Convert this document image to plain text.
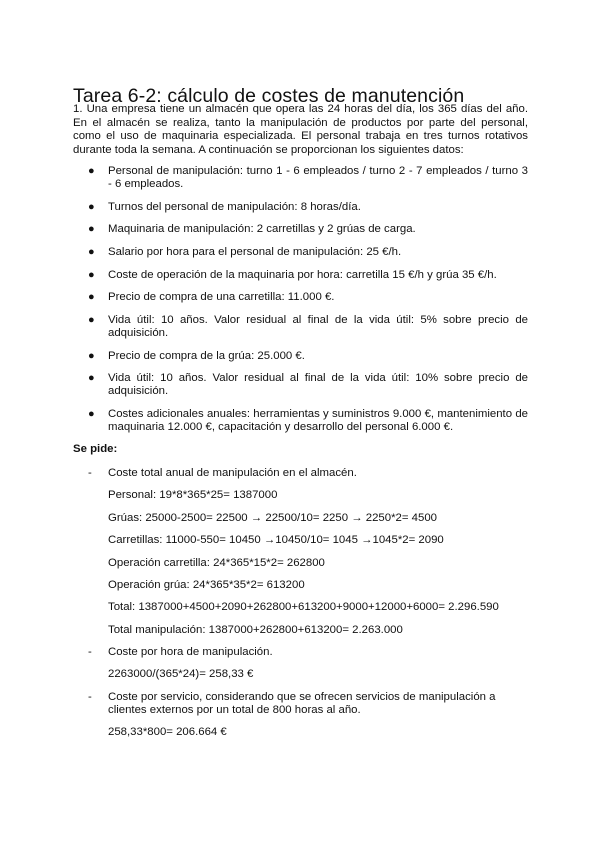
Tarea 6-2: cálculo de costes de manutención

1. Una empresa tiene un almacén que opera las 24 horas del día, los 365 días del año. En el almacén se realiza, tanto la manipulación de productos por parte del personal, como el uso de maquinaria especializada. El personal trabaja en tres turnos rotativos durante toda la semana. A continuación se proporcionan los siguientes datos:

● Personal de manipulación: turno 1 - 6 empleados / turno 2 - 7 empleados / turno 3 - 6 empleados.
● Turnos del personal de manipulación: 8 horas/día.
● Maquinaria de manipulación: 2 carretillas y 2 grúas de carga.
● Salario por hora para el personal de manipulación: 25 €/h.
● Coste de operación de la maquinaria por hora: carretilla 15 €/h y grúa 35 €/h.
● Precio de compra de una carretilla: 11.000 €.
● Vida útil: 10 años. Valor residual al final de la vida útil: 5% sobre precio de adquisición.
● Precio de compra de la grúa: 25.000 €.
● Vida útil: 10 años. Valor residual al final de la vida útil: 10% sobre precio de adquisición.
● Costes adicionales anuales: herramientas y suministros 9.000 €, mantenimiento de maquinaria 12.000 €, capacitación y desarrollo del personal 6.000 €.
Se pide:
- Coste total anual de manipulación en el almacén.
Personal: 19*8*365*25= 1387000
Grúas: 25000-2500= 22500 → 22500/10= 2250 → 2250*2= 4500
Carretillas: 11000-550= 10450 →10450/10= 1045 →1045*2= 2090
Operación carretilla: 24*365*15*2= 262800
Operación grúa: 24*365*35*2= 613200
Total: 1387000+4500+2090+262800+613200+9000+12000+6000= 2.296.590
Total manipulación: 1387000+262800+613200= 2.263.000
- Coste por hora de manipulación.
2263000/(365*24)= 258,33 €
- Coste por servicio, considerando que se ofrecen servicios de manipulación a clientes externos por un total de 800 horas al año.
258,33*800= 206.664 €
